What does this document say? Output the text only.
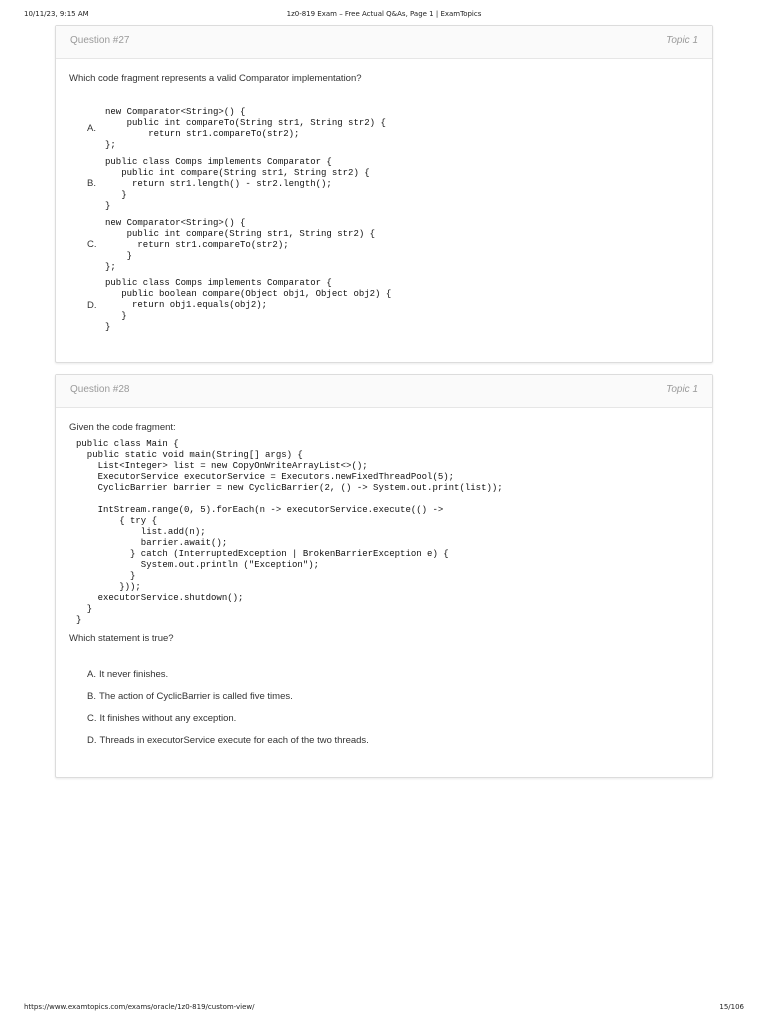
10/11/23, 9:15 AM	1z0-819 Exam – Free Actual Q&As, Page 1 | ExamTopics
Question #27	Topic 1
Which code fragment represents a valid Comparator implementation?
A.
new Comparator<String>() {
public int compareTo(String str1, String str2) {
return str1.compareTo(str2);
};
B.
public class Comps implements Comparator {
public int compare(String str1, String str2) {
return str1.length() - str2.length();
}
}
C.
new Comparator<String>() {
public int compare(String str1, String str2) {
return str1.compareTo(str2);
}
};
D.
public class Comps implements Comparator {
public boolean compare(Object obj1, Object obj2) {
return obj1.equals(obj2);
}
}
Question #28	Topic 1
Given the code fragment:
public class Main {
public static void main(String[] args) {
List<Integer> list = new CopyOnWriteArrayList<>();
ExecutorService executorService = Executors.newFixedThreadPool(5);
CyclicBarrier barrier = new CyclicBarrier(2, () -> System.out.print(list));

IntStream.range(0, 5).forEach(n -> executorService.execute(() ->
{ try {
list.add(n);
barrier.await();
} catch (InterruptedException | BrokenBarrierException e) {
System.out.println ("Exception");
}
}));
executorService.shutdown();
}
}
Which statement is true?
A. It never finishes.
B. The action of CyclicBarrier is called five times.
C. It finishes without any exception.
D. Threads in executorService execute for each of the two threads.
https://www.examtopics.com/exams/oracle/1z0-819/custom-view/	15/106
